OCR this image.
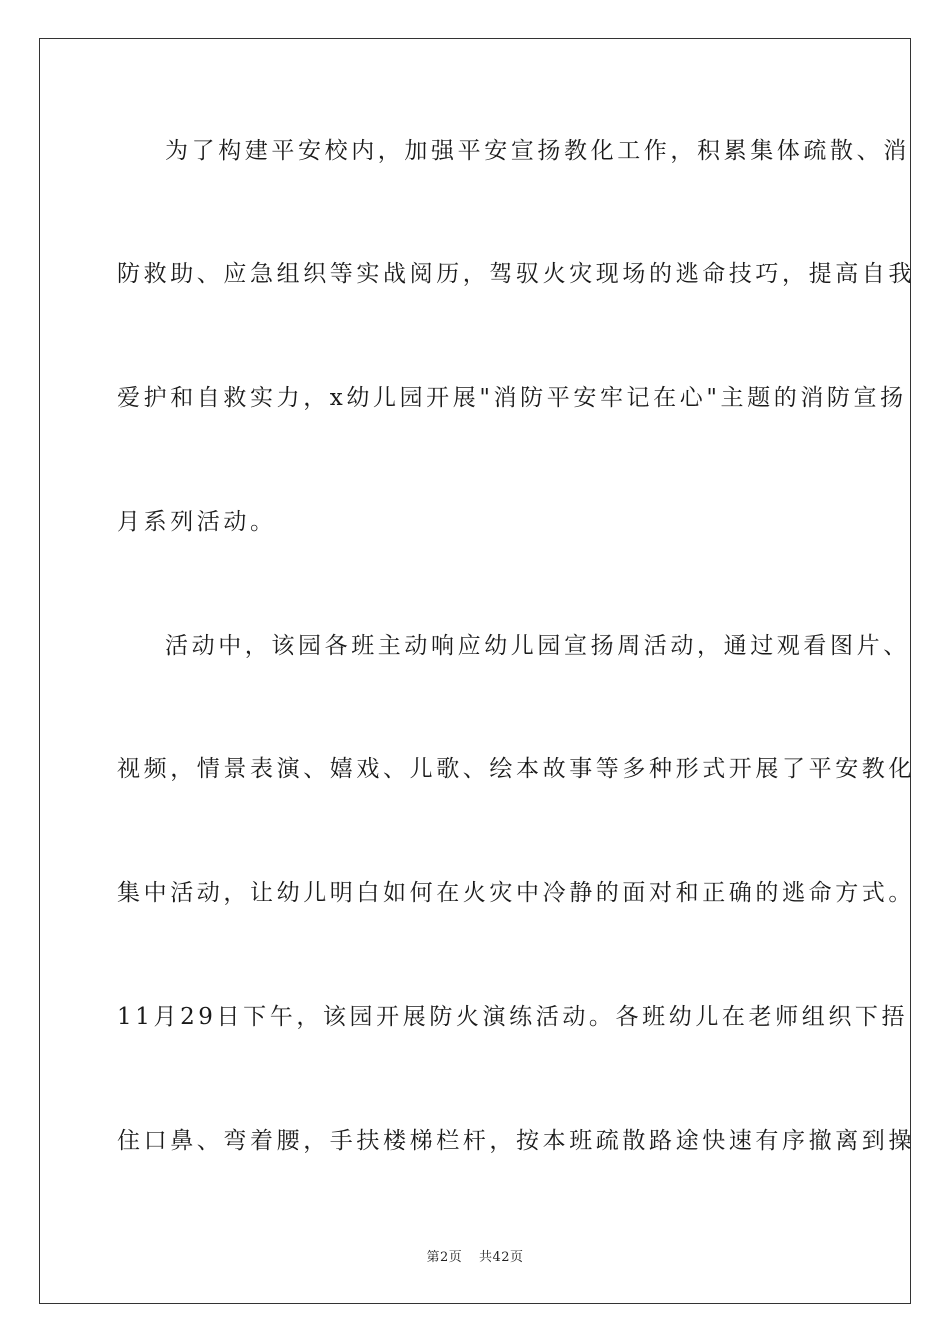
为了构建平安校内，加强平安宣扬教化工作，积累集体疏散、消
防救助、应急组织等实战阅历，驾驭火灾现场的逃命技巧，提高自我
爱护和自救实力，x幼儿园开展"消防平安牢记在心"主题的消防宣扬
月系列活动。
活动中，该园各班主动响应幼儿园宣扬周活动，通过观看图片、
视频，情景表演、嬉戏、儿歌、绘本故事等多种形式开展了平安教化
集中活动，让幼儿明白如何在火灾中冷静的面对和正确的逃命方式。
11月29日下午，该园开展防火演练活动。各班幼儿在老师组织下捂
住口鼻、弯着腰，手扶楼梯栏杆，按本班疏散路途快速有序撤离到操
第2页 共42页
